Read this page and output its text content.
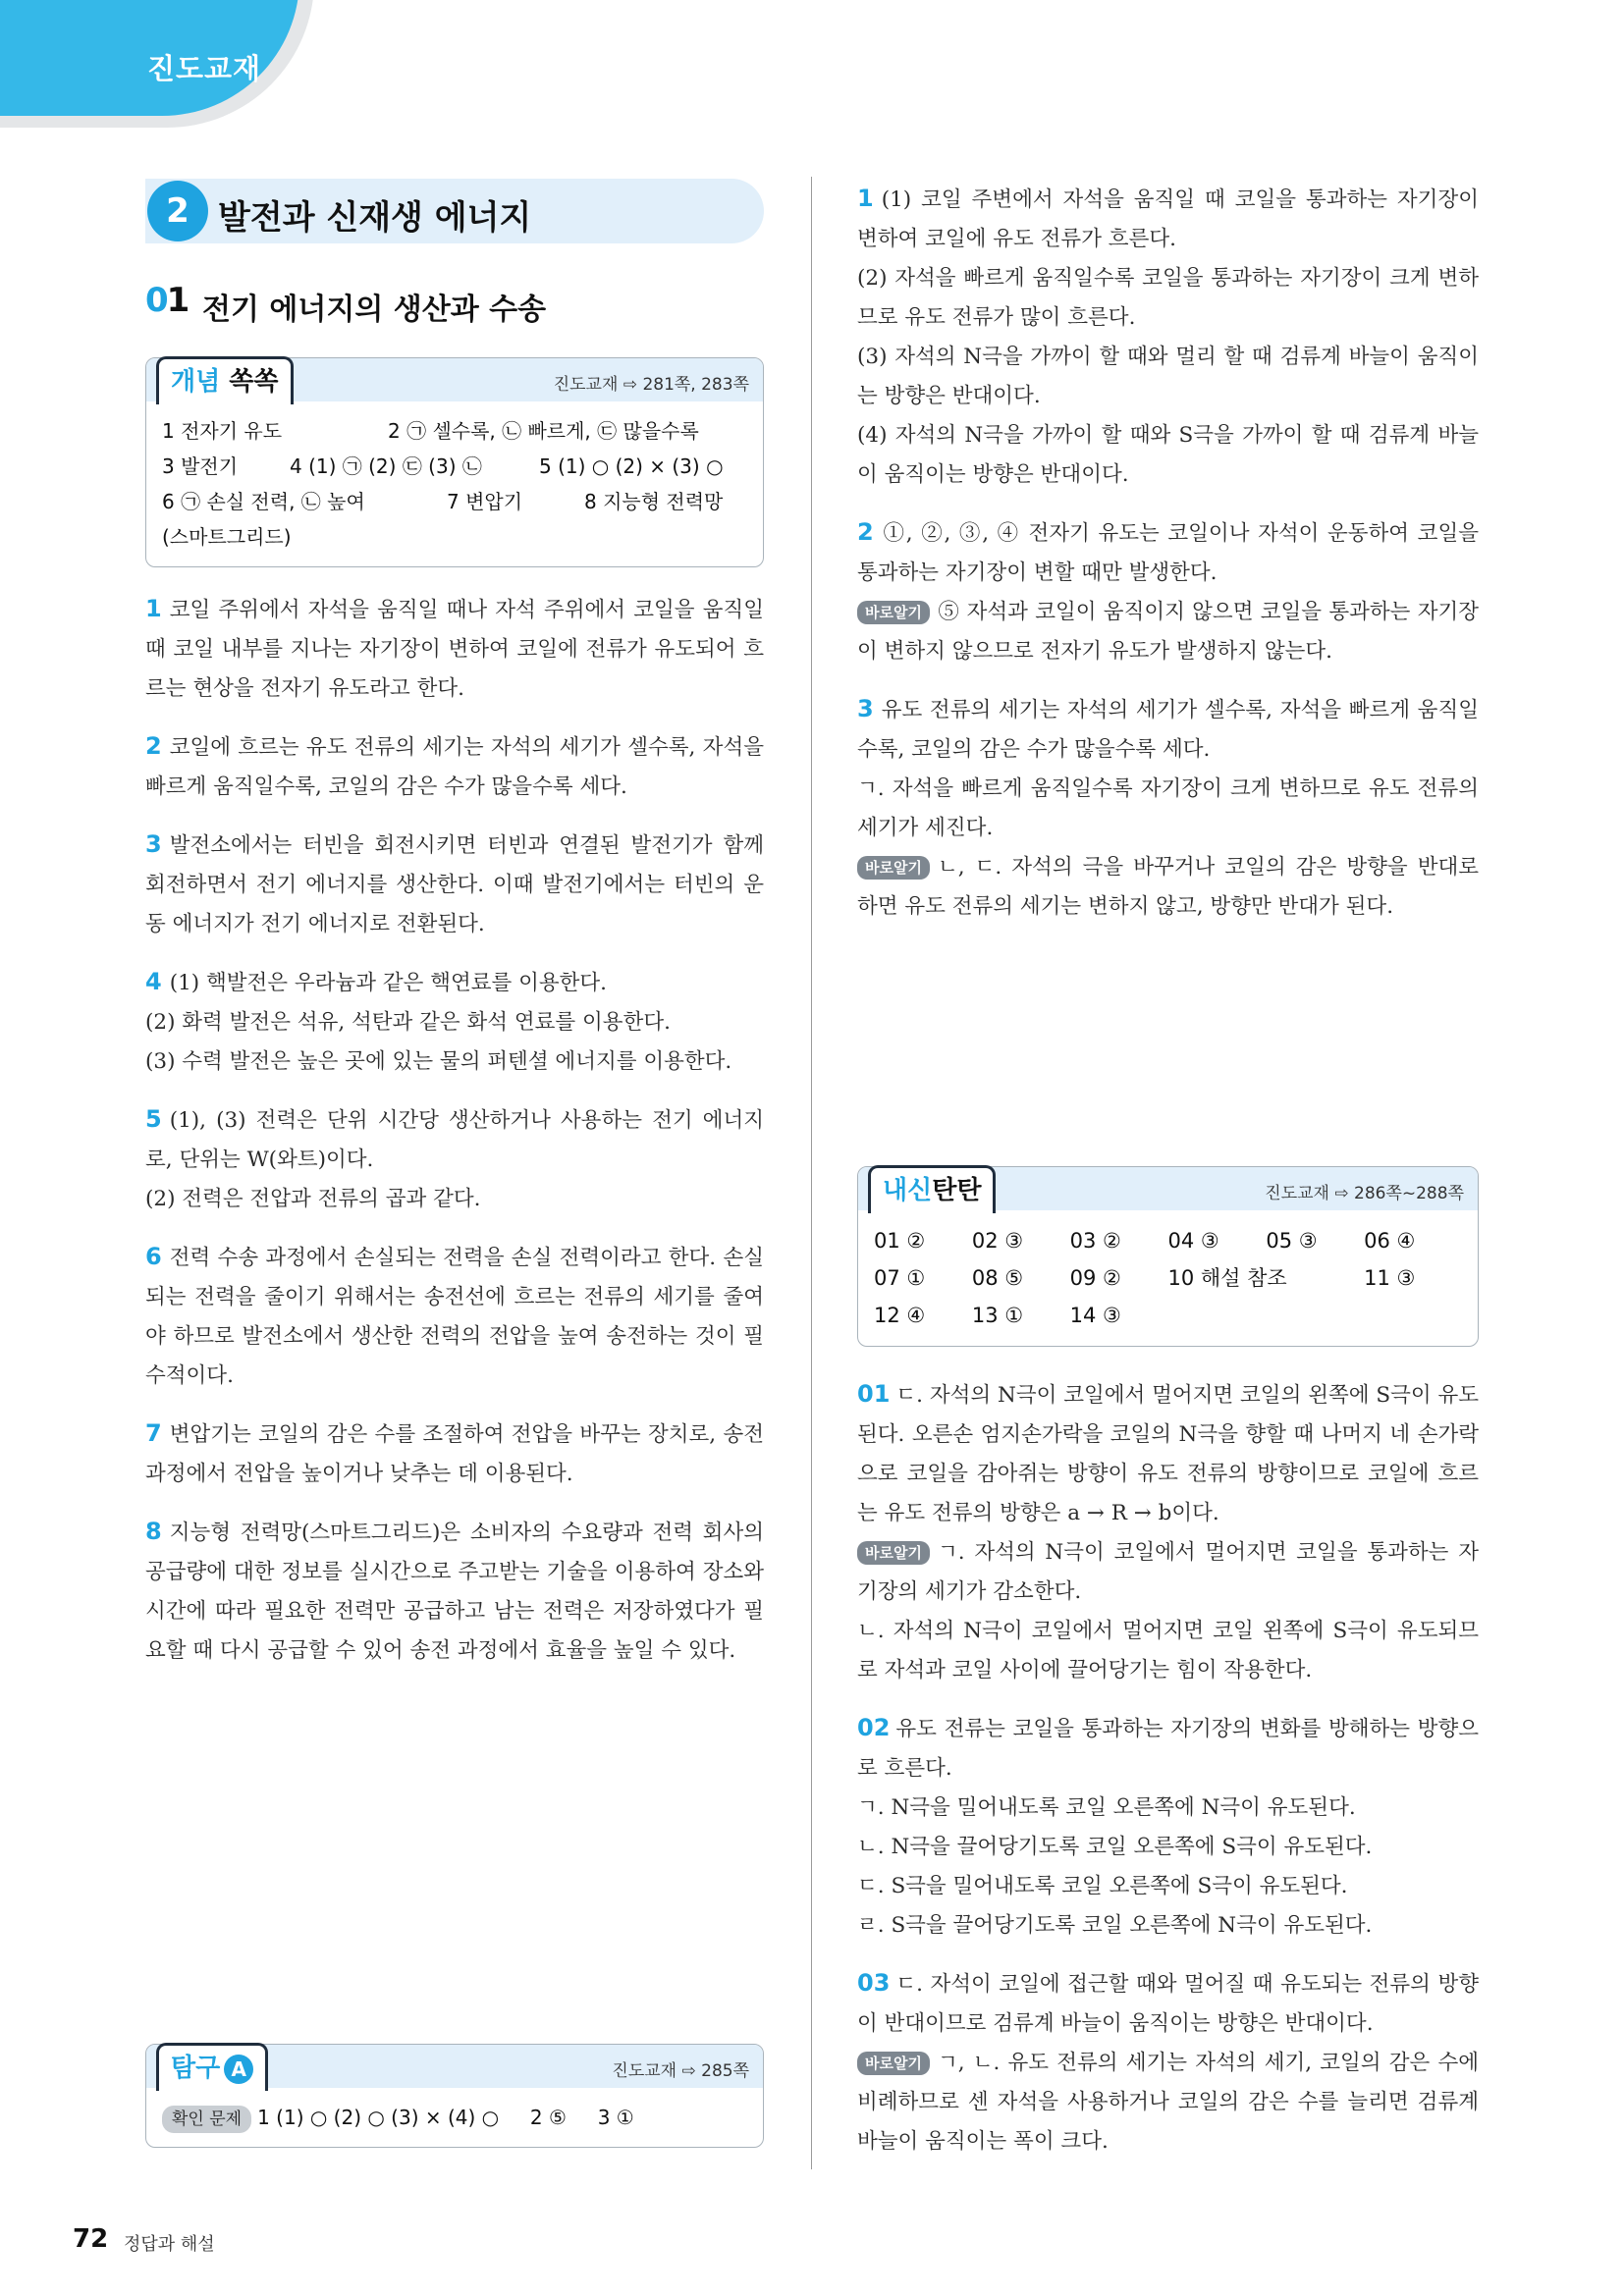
진도교재
2 발전과 신재생 에너지
01 전기 에너지의 생산과 수송
개념 쏙쏙	진도교재 ⇨ 281쪽, 283쪽
1 전자기 유도	2 ㉠ 셀수록, ㉡ 빠르게, ㉢ 많을수록
3 발전기	4 (1) ㉠ (2) ㉢ (3) ㉡	5 (1) ○ (2) × (3) ○
6 ㉠ 손실 전력, ㉡ 높여	7 변압기	8 지능형 전력망
(스마트그리드)

1 코일 주위에서 자석을 움직일 때나 자석 주위에서 코일을 움직일 때 코일 내부를 지나는 자기장이 변하여 코일에 전류가 유도되어 흐르는 현상을 전자기 유도라고 한다.

2 코일에 흐르는 유도 전류의 세기는 자석의 세기가 셀수록, 자석을 빠르게 움직일수록, 코일의 감은 수가 많을수록 세다.

3 발전소에서는 터빈을 회전시키면 터빈과 연결된 발전기가 함께 회전하면서 전기 에너지를 생산한다. 이때 발전기에서는 터빈의 운동 에너지가 전기 에너지로 전환된다.

4 (1) 핵발전은 우라늄과 같은 핵연료를 이용한다.
(2) 화력 발전은 석유, 석탄과 같은 화석 연료를 이용한다.
(3) 수력 발전은 높은 곳에 있는 물의 퍼텐셜 에너지를 이용한다.

5 (1), (3) 전력은 단위 시간당 생산하거나 사용하는 전기 에너지로, 단위는 W(와트)이다.
(2) 전력은 전압과 전류의 곱과 같다.

6 전력 수송 과정에서 손실되는 전력을 손실 전력이라고 한다. 손실되는 전력을 줄이기 위해서는 송전선에 흐르는 전류의 세기를 줄여야 하므로 발전소에서 생산한 전력의 전압을 높여 송전하는 것이 필수적이다.

7 변압기는 코일의 감은 수를 조절하여 전압을 바꾸는 장치로, 송전 과정에서 전압을 높이거나 낮추는 데 이용된다.

8 지능형 전력망(스마트그리드)은 소비자의 수요량과 전력 회사의 공급량에 대한 정보를 실시간으로 주고받는 기술을 이용하여 장소와 시간에 따라 필요한 전력만 공급하고 남는 전력은 저장하였다가 필요할 때 다시 공급할 수 있어 송전 과정에서 효율을 높일 수 있다.

탐구 A	진도교재 ⇨ 285쪽
확인 문제 1 (1) ○ (2) ○ (3) × (4) ○     2 ⑤     3 ①

1 (1) 코일 주변에서 자석을 움직일 때 코일을 통과하는 자기장이 변하여 코일에 유도 전류가 흐른다.
(2) 자석을 빠르게 움직일수록 코일을 통과하는 자기장이 크게 변하므로 유도 전류가 많이 흐른다.
(3) 자석의 N극을 가까이 할 때와 멀리 할 때 검류계 바늘이 움직이는 방향은 반대이다.
(4) 자석의 N극을 가까이 할 때와 S극을 가까이 할 때 검류계 바늘이 움직이는 방향은 반대이다.

2 ①, ②, ③, ④ 전자기 유도는 코일이나 자석이 운동하여 코일을 통과하는 자기장이 변할 때만 발생한다.
바로알기 ⑤ 자석과 코일이 움직이지 않으면 코일을 통과하는 자기장이 변하지 않으므로 전자기 유도가 발생하지 않는다.

3 유도 전류의 세기는 자석의 세기가 셀수록, 자석을 빠르게 움직일수록, 코일의 감은 수가 많을수록 세다.
ㄱ. 자석을 빠르게 움직일수록 자기장이 크게 변하므로 유도 전류의 세기가 세진다.
바로알기 ㄴ, ㄷ. 자석의 극을 바꾸거나 코일의 감은 방향을 반대로 하면 유도 전류의 세기는 변하지 않고, 방향만 반대가 된다.

내신탄탄	진도교재 ⇨ 286쪽~288쪽
01 ②	02 ③	03 ②	04 ③	05 ③	06 ④
07 ①	08 ⑤	09 ②	10 해설 참조	11 ③
12 ④	13 ①	14 ③

01 ㄷ. 자석의 N극이 코일에서 멀어지면 코일의 왼쪽에 S극이 유도된다. 오른손 엄지손가락을 코일의 N극을 향할 때 나머지 네 손가락으로 코일을 감아쥐는 방향이 유도 전류의 방향이므로 코일에 흐르는 유도 전류의 방향은 a → R → b이다.
바로알기 ㄱ. 자석의 N극이 코일에서 멀어지면 코일을 통과하는 자기장의 세기가 감소한다.
ㄴ. 자석의 N극이 코일에서 멀어지면 코일 왼쪽에 S극이 유도되므로 자석과 코일 사이에 끌어당기는 힘이 작용한다.

02 유도 전류는 코일을 통과하는 자기장의 변화를 방해하는 방향으로 흐른다.
ㄱ. N극을 밀어내도록 코일 오른쪽에 N극이 유도된다.
ㄴ. N극을 끌어당기도록 코일 오른쪽에 S극이 유도된다.
ㄷ. S극을 밀어내도록 코일 오른쪽에 S극이 유도된다.
ㄹ. S극을 끌어당기도록 코일 오른쪽에 N극이 유도된다.

03 ㄷ. 자석이 코일에 접근할 때와 멀어질 때 유도되는 전류의 방향이 반대이므로 검류계 바늘이 움직이는 방향은 반대이다.
바로알기 ㄱ, ㄴ. 유도 전류의 세기는 자석의 세기, 코일의 감은 수에 비례하므로 센 자석을 사용하거나 코일의 감은 수를 늘리면 검류계 바늘이 움직이는 폭이 크다.

72 정답과 해설
